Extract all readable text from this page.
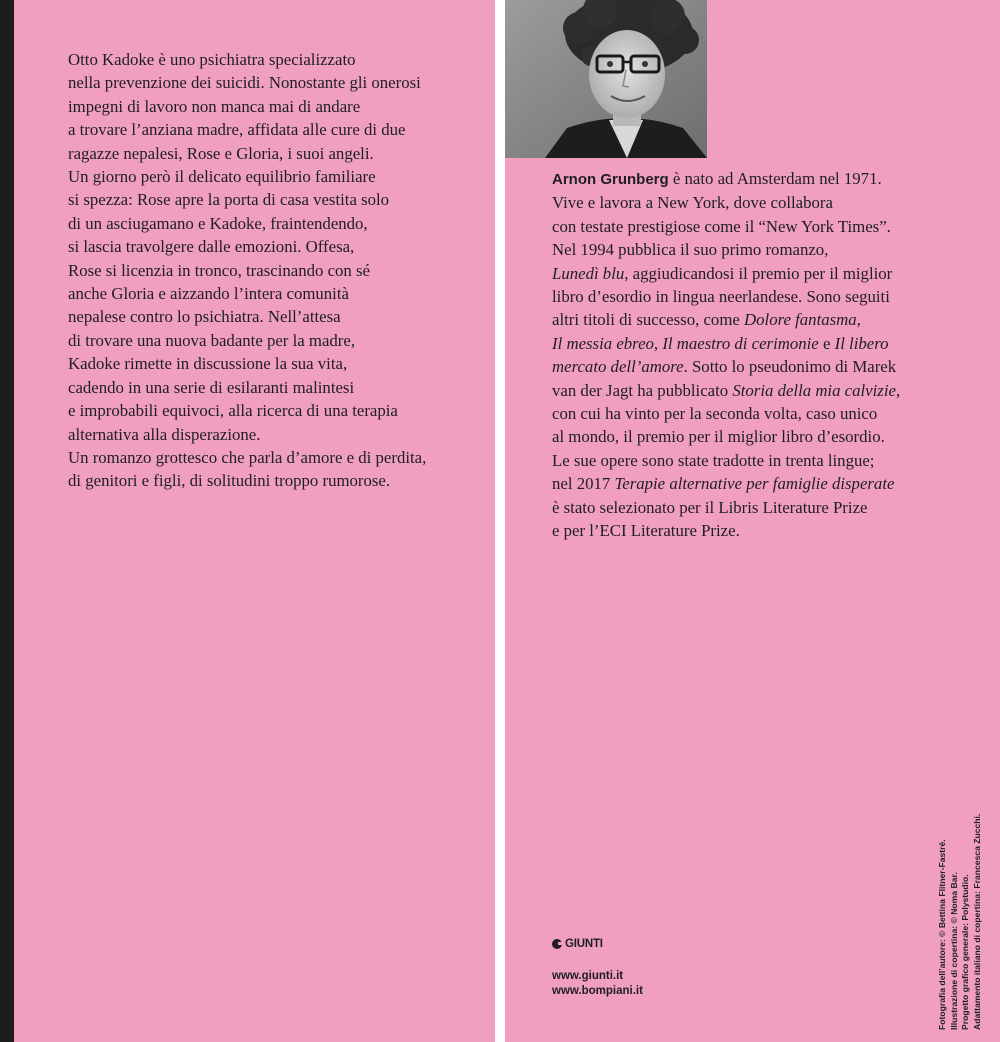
Otto Kadoke è uno psichiatra specializzato
nella prevenzione dei suicidi. Nonostante gli onerosi
impegni di lavoro non manca mai di andare
a trovare l’anziana madre, affidata alle cure di due
ragazze nepalesi, Rose e Gloria, i suoi angeli.
Un giorno però il delicato equilibrio familiare
si spezza: Rose apre la porta di casa vestita solo
di un asciugamano e Kadoke, fraintendendo,
si lascia travolgere dalle emozioni. Offesa,
Rose si licenzia in tronco, trascinando con sé
anche Gloria e aizzando l’intera comunità
nepalese contro lo psichiatra. Nell’attesa
di trovare una nuova badante per la madre,
Kadoke rimette in discussione la sua vita,
cadendo in una serie di esilaranti malintesi
e improbabili equivoci, alla ricerca di una terapia
alternativa alla disperazione.
Un romanzo grottesco che parla d’amore e di perdita,
di genitori e figli, di solitudini troppo rumorose.
Arnon Grunberg è nato ad Amsterdam nel 1971.
Vive e lavora a New York, dove collabora
con testate prestigiose come il “New York Times”.
Nel 1994 pubblica il suo primo romanzo,
Lunedì blu, aggiudicandosi il premio per il miglior
libro d’esordio in lingua neerlandese. Sono seguiti
altri titoli di successo, come Dolore fantasma,
Il messia ebreo, Il maestro di cerimonie e Il libero
mercato dell’amore. Sotto lo pseudonimo di Marek
van der Jagt ha pubblicato Storia della mia calvizie,
con cui ha vinto per la seconda volta, caso unico
al mondo, il premio per il miglior libro d’esordio.
Le sue opere sono state tradotte in trenta lingue;
nel 2017 Terapie alternative per famiglie disperate
è stato selezionato per il Libris Literature Prize
e per l’ECI Literature Prize.
GIUNTI
www.giunti.it
www.bompiani.it	Fotografia dell’autore: © Bettina Flitner-Fastré. Illustrazione di copertina: © Noma Bar. Progetto grafico generale: Polystudio. Adattamento italiano di copertina: Francesca Zucchi.
